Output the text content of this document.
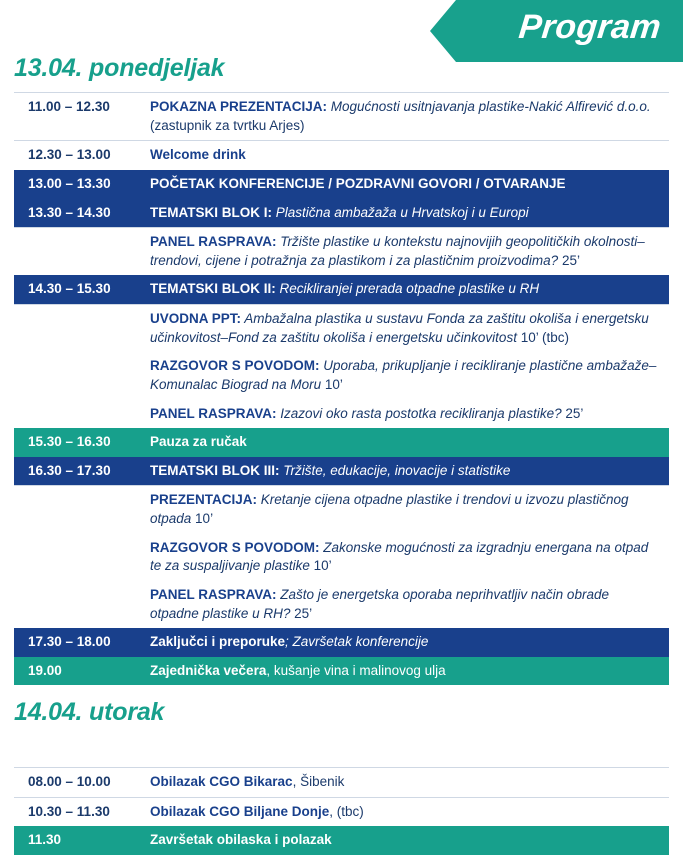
Program
13.04. ponedjeljak
11.00 – 12.30	POKAZNA PREZENTACIJA: Mogućnosti usitnjavanja plastike-Nakić Alfirević d.o.o. (zastupnik za tvrtku Arjes)
12.30 – 13.00	Welcome drink
13.00 – 13.30	POČETAK KONFERENCIJE / POZDRAVNI GOVORI / OTVARANJE
13.30 – 14.30	TEMATSKI BLOK I: Plastična ambažaža u Hrvatskoj i u Europi
PANEL RASPRAVA: Tržište plastike u kontekstu najnovijih geopolitičkih okolnosti–trendovi, cijene i potražnja za plastikom i za plastičnim proizvodima? 25’
14.30 – 15.30	TEMATSKI BLOK II: Recikliranjei prerada otpadne plastike u RH
UVODNA PPT: Ambažalna plastika u sustavu Fonda za zaštitu okoliša i energetsku učinkovitost–Fond za zaštitu okoliša i energetsku učinkovitost 10’ (tbc)
RAZGOVOR S POVODOM: Uporaba, prikupljanje i recikliranje plastične ambažaže– Komunalac Biograd na Moru 10’
PANEL RASPRAVA: Izazovi oko rasta postotka recikliranja plastike? 25’
15.30 – 16.30	Pauza za ručak
16.30 – 17.30	TEMATSKI BLOK III: Tržište, edukacije, inovacije i statistike
PREZENTACIJA: Kretanje cijena otpadne plastike i trendovi u izvozu plastičnog otpada 10’
RAZGOVOR S POVODOM: Zakonske mogućnosti za izgradnju energana na otpad te za suspaljivanje plastike 10’
PANEL RASPRAVA: Zašto je energetska oporaba neprihvatljiv način obrade otpadne plastike u RH? 25’
17.30 – 18.00	Zaključci i preporuke; Završetak konferencije
19.00	Zajednička večera, kušanje vina i malinovog ulja
14.04. utorak
08.00 – 10.00	Obilazak CGO Bikarac, Šibenik
10.30 – 11.30	Obilazak CGO Biljane Donje, (tbc)
11.30	Završetak obilaska i polazak
